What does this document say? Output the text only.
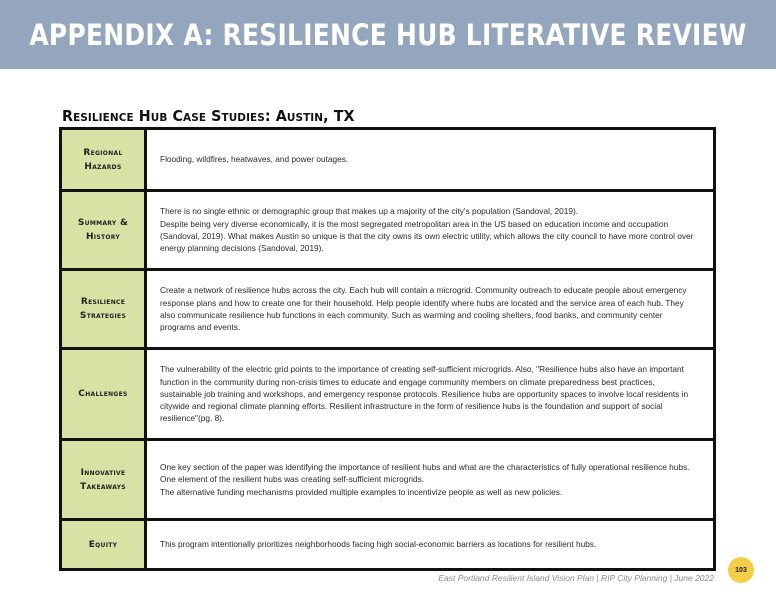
APPENDIX A: RESILIENCE HUB LITERATIVE REVIEW
Resilience Hub Case Studies: Austin, TX
Regional
Hazards

Flooding, wildfires, heatwaves, and power outages.

Summary &
History

There is no single ethnic or demographic group that makes up a majority of the city's population (Sandoval, 2019).

Despite being very diverse economically, it is the most segregated metropolitan area in the US based on education income and occupation (Sandoval, 2019). What makes Austin so unique is that the city owns its own electric utility, which allows the city council to have more control over energy planning decisions (Sandoval, 2019).

Resilience
Strategies

Create a network of resilience hubs across the city. Each hub will contain a microgrid. Community outreach to educate people about emergency response plans and how to create one for their household. Help people identify where hubs are located and the service area of each hub. They also communicate resilience hub functions in each community. Such as warming and cooling shelters, food banks, and community center programs and events.

Challenges

The vulnerability of the electric grid points to the importance of creating self-sufficient microgrids. Also, "Resilience hubs also have an important function in the community during non-crisis times to educate and engage community members on climate preparedness best practices, sustainable job training and workshops, and emergency response protocols. Resilience hubs are opportunity spaces to involve local residents in citywide and regional climate planning efforts. Resilient infrastructure in the form of resilience hubs is the foundation and support of social resilience"(pg. 8).

Innovative
Takeaways

One key section of the paper was identifying the importance of resilient hubs and what are the characteristics of fully operational resilience hubs. One element of the resilient hubs was creating self-sufficient microgrids.

The alternative funding mechanisms provided multiple examples to incentivize people as well as new policies.

Equity	This program intentionally prioritizes neighborhoods facing high social-economic barriers as locations for resilient hubs.

East Portland Resilient Island Vision Plan | RIP City Planning | June 2022
103
